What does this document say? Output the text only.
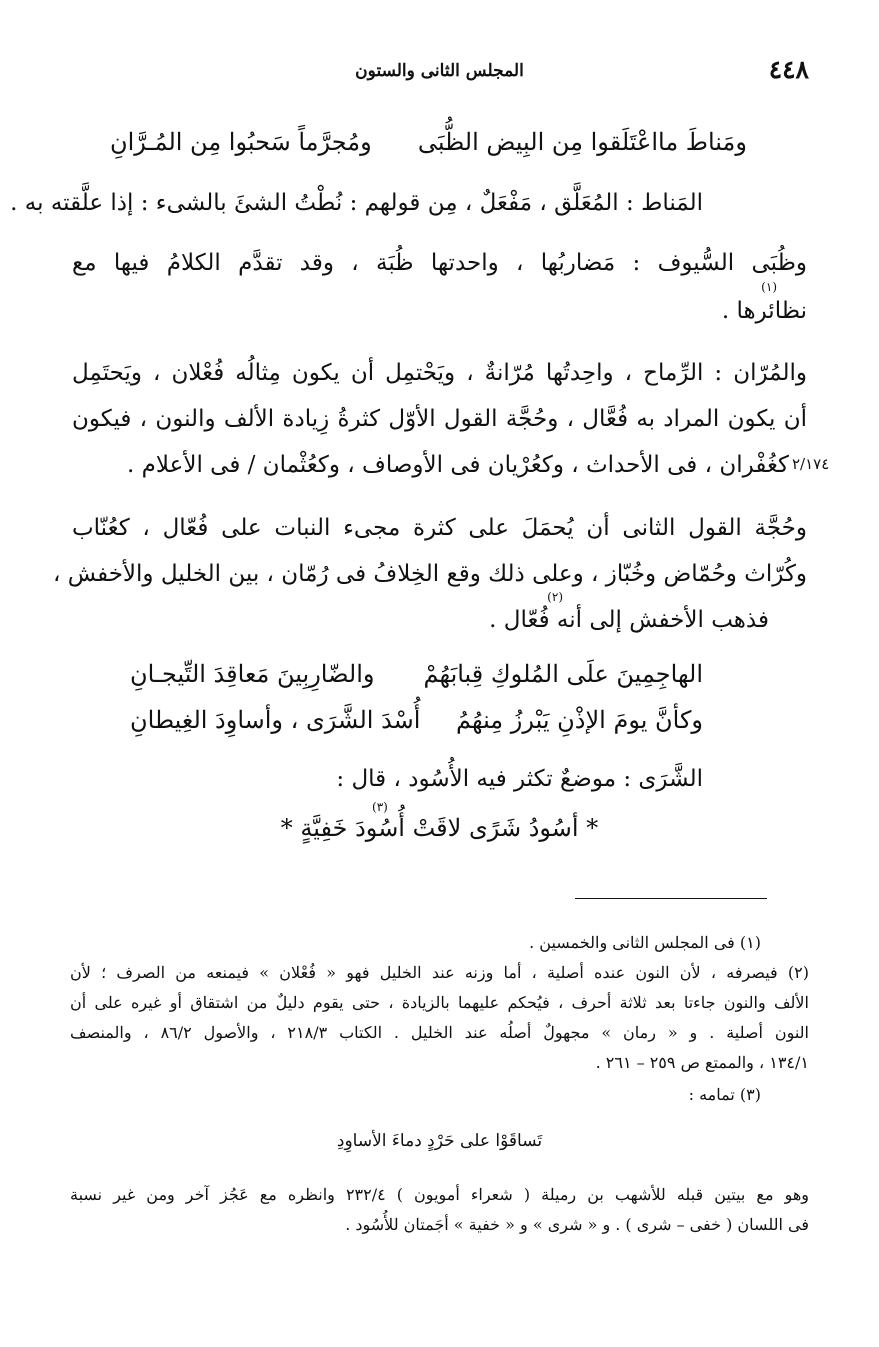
٤٤٨
المجلس الثانى والستون
ومَناطَ مااعْتَلَقوا مِن البِيض الظُّبَى
ومُجرَّماً سَحبُوا مِن المُـرَّانِ
المَناط : المُعَلَّق ، مَفْعَلٌ ، مِن قولهم : نُطْتُ الشئَ بالشىء : إذا علَّقته به .
وظُبَى السُّيوف : مَضاربُها ، واحدتها ظُبَة ، وقد تقدَّم الكلامُ فيها مع
(١)
نظائرها .
والمُرّان : الرِّماح ، واحِدتُها مُرّانةٌ ، ويَحْتمِل أن يكون مِثالُه فُعْلان ، ويَحتَمِل
أن يكون المراد به فُعَّال ، وحُجَّة القول الأوّل كثرةُ زِيادة الألف والنون ، فيكون
كغُفْران ، فى الأحداث ، وكعُرْيان فى الأوصاف ، وكعُثْمان / فى الأعلام . ٢/١٧٤
وحُجَّة القول الثانى أن يُحمَلَ على كثرة مجىء النبات على فُعّال ، كعُنّاب
وكُرّاث وحُمّاض وخُبّاز ، وعلى ذلك وقع الخِلافُ فى رُمّان ، بين الخليل والأخفش ،
فذهب الأخفش إلى أنه فُعّال .
(٢)
الهاجِمِينَ علَى المُلوكِ قِبابَهُمْ
والضّارِبِينَ مَعاقِدَ التِّيجـانِ
وكأنَّ يومَ الإذْنِ يَبْرزُ مِنهُمُ
أُسْدَ الشَّرَى ، وأساوِدَ الغِيطانِ
الشَّرَى : موضعٌ تكثر فيه الأُسُود ، قال :
(٣)
* أسُودُ شَرًى لاقَتْ أُسُودَ خَفِيَّةٍ *
(١) فى المجلس الثانى والخمسين .
(٢) فيصرفه ، لأن النون عنده أصلية ، أما وزنه عند الخليل فهو « فُعْلان » فيمنعه من الصرف ؛ لأن
الألف والنون جاءتا بعد ثلاثة أحرف ، فيُحكم عليهما بالزيادة ، حتى يقوم دليلٌ من اشتقاق أو غيره على أن
النون أصلية . و « رمان » مجهولٌ أصلُه عند الخليل . الكتاب ٢١٨/٣ ، والأصول ٨٦/٢ ، والمنصف
١٣٤/١ ، والممتع ص ٢٥٩ – ٢٦١ .
(٣) تمامه :
تَساقَوْا على حَرْدٍ دماءَ الأساوِدِ
وهو مع بيتين قبله للأشهب بن رميلة ( شعراء أمويون ) ٢٣٢/٤ وانظره مع عَجُز آخر ومن غير نسبة
فى اللسان ( خفى – شرى ) . و « شرى » و « خفية » أجَمتان للأُسُود .
